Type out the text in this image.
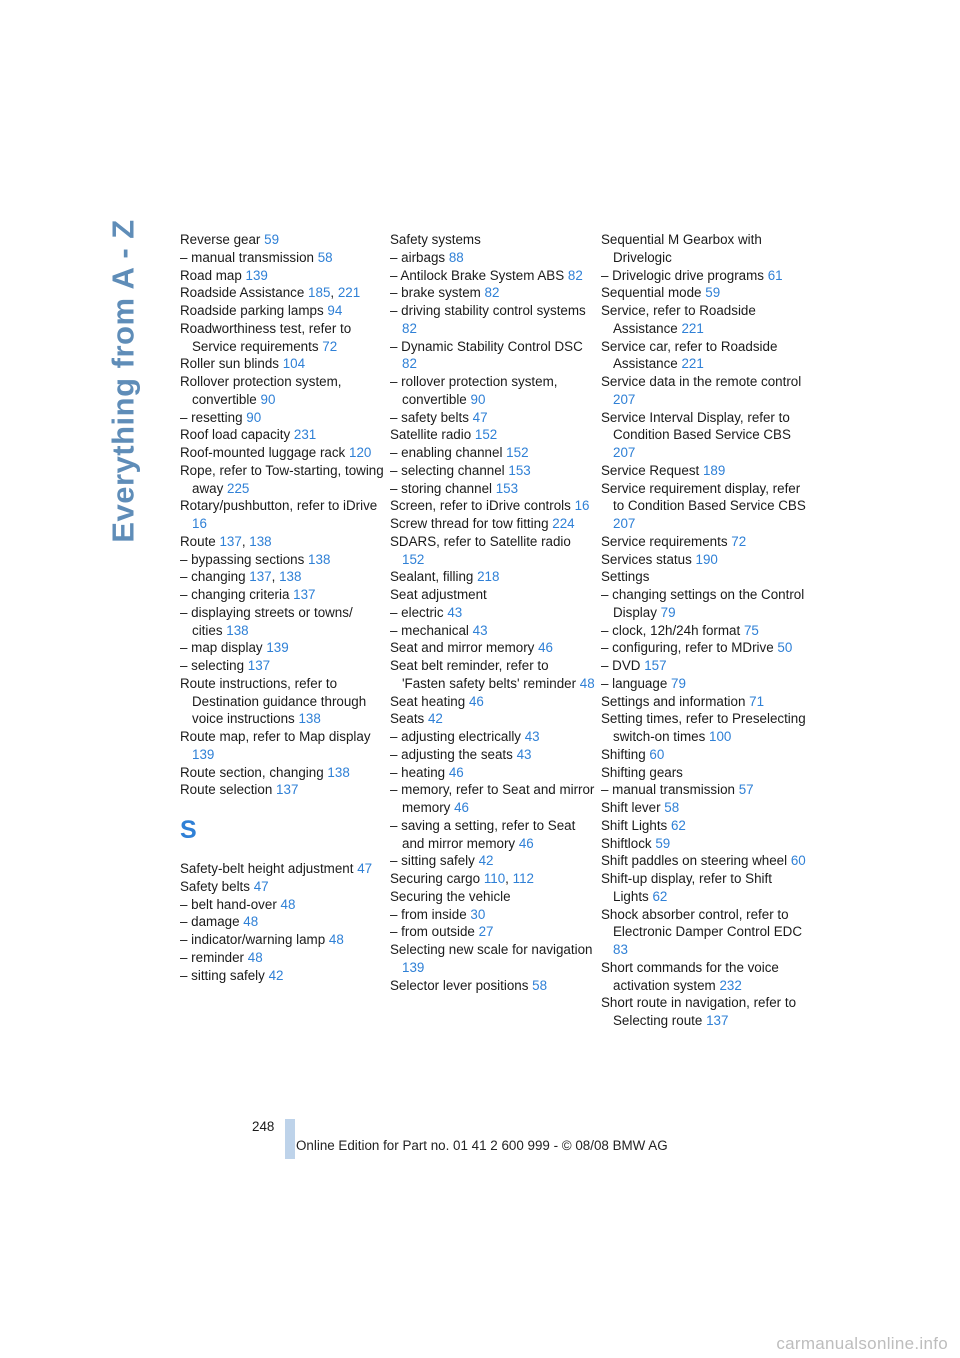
Everything from A - Z	Reverse gear 59
– manual transmission 58
Road map 139
Roadside Assistance 185, 221
Roadside parking lamps 94
Roadworthiness test, refer to Service requirements 72
Roller sun blinds 104
Rollover protection system, convertible 90
– resetting 90
Roof load capacity 231
Roof-mounted luggage rack 120
Rope, refer to Tow-starting, towing away 225
Rotary/pushbutton, refer to iDrive 16
Route 137, 138
– bypassing sections 138
– changing 137, 138
– changing criteria 137
– displaying streets or towns/ cities 138
– map display 139
– selecting 137
Route instructions, refer to Destination guidance through voice instructions 138
Route map, refer to Map display 139
Route section, changing 138
Route selection 137
S
Safety-belt height adjustment 47
Safety belts 47
– belt hand-over 48
– damage 48
– indicator/warning lamp 48
– reminder 48
– sitting safely 42
Safety systems
– airbags 88
– Antilock Brake System ABS 82
– brake system 82
– driving stability control systems 82
– Dynamic Stability Control DSC 82
– rollover protection system, convertible 90
– safety belts 47
Satellite radio 152
– enabling channel 152
– selecting channel 153
– storing channel 153
Screen, refer to iDrive controls 16
Screw thread for tow fitting 224
SDARS, refer to Satellite radio 152
Sealant, filling 218
Seat adjustment
– electric 43
– mechanical 43
Seat and mirror memory 46
Seat belt reminder, refer to 'Fasten safety belts' reminder 48
Seat heating 46
Seats 42
– adjusting electrically 43
– adjusting the seats 43
– heating 46
– memory, refer to Seat and mirror memory 46
– saving a setting, refer to Seat and mirror memory 46
– sitting safely 42
Securing cargo 110, 112
Securing the vehicle
– from inside 30
– from outside 27
Selecting new scale for navigation 139
Selector lever positions 58
Sequential M Gearbox with Drivelogic
– Drivelogic drive programs 61
Sequential mode 59
Service, refer to Roadside Assistance 221
Service car, refer to Roadside Assistance 221
Service data in the remote control 207
Service Interval Display, refer to Condition Based Service CBS 207
Service Request 189
Service requirement display, refer to Condition Based Service CBS 207
Service requirements 72
Services status 190
Settings
– changing settings on the Control Display 79
– clock, 12h/24h format 75
– configuring, refer to MDrive 50
– DVD 157
– language 79
Settings and information 71
Setting times, refer to Preselecting switch-on times 100
Shifting 60
Shifting gears
– manual transmission 57
Shift lever 58
Shift Lights 62
Shiftlock 59
Shift paddles on steering wheel 60
Shift-up display, refer to Shift Lights 62
Shock absorber control, refer to Electronic Damper Control EDC 83
Short commands for the voice activation system 232
Short route in navigation, refer to Selecting route 137
248
Online Edition for Part no. 01 41 2 600 999 - © 08/08 BMW AG
carmanualsonline.info
